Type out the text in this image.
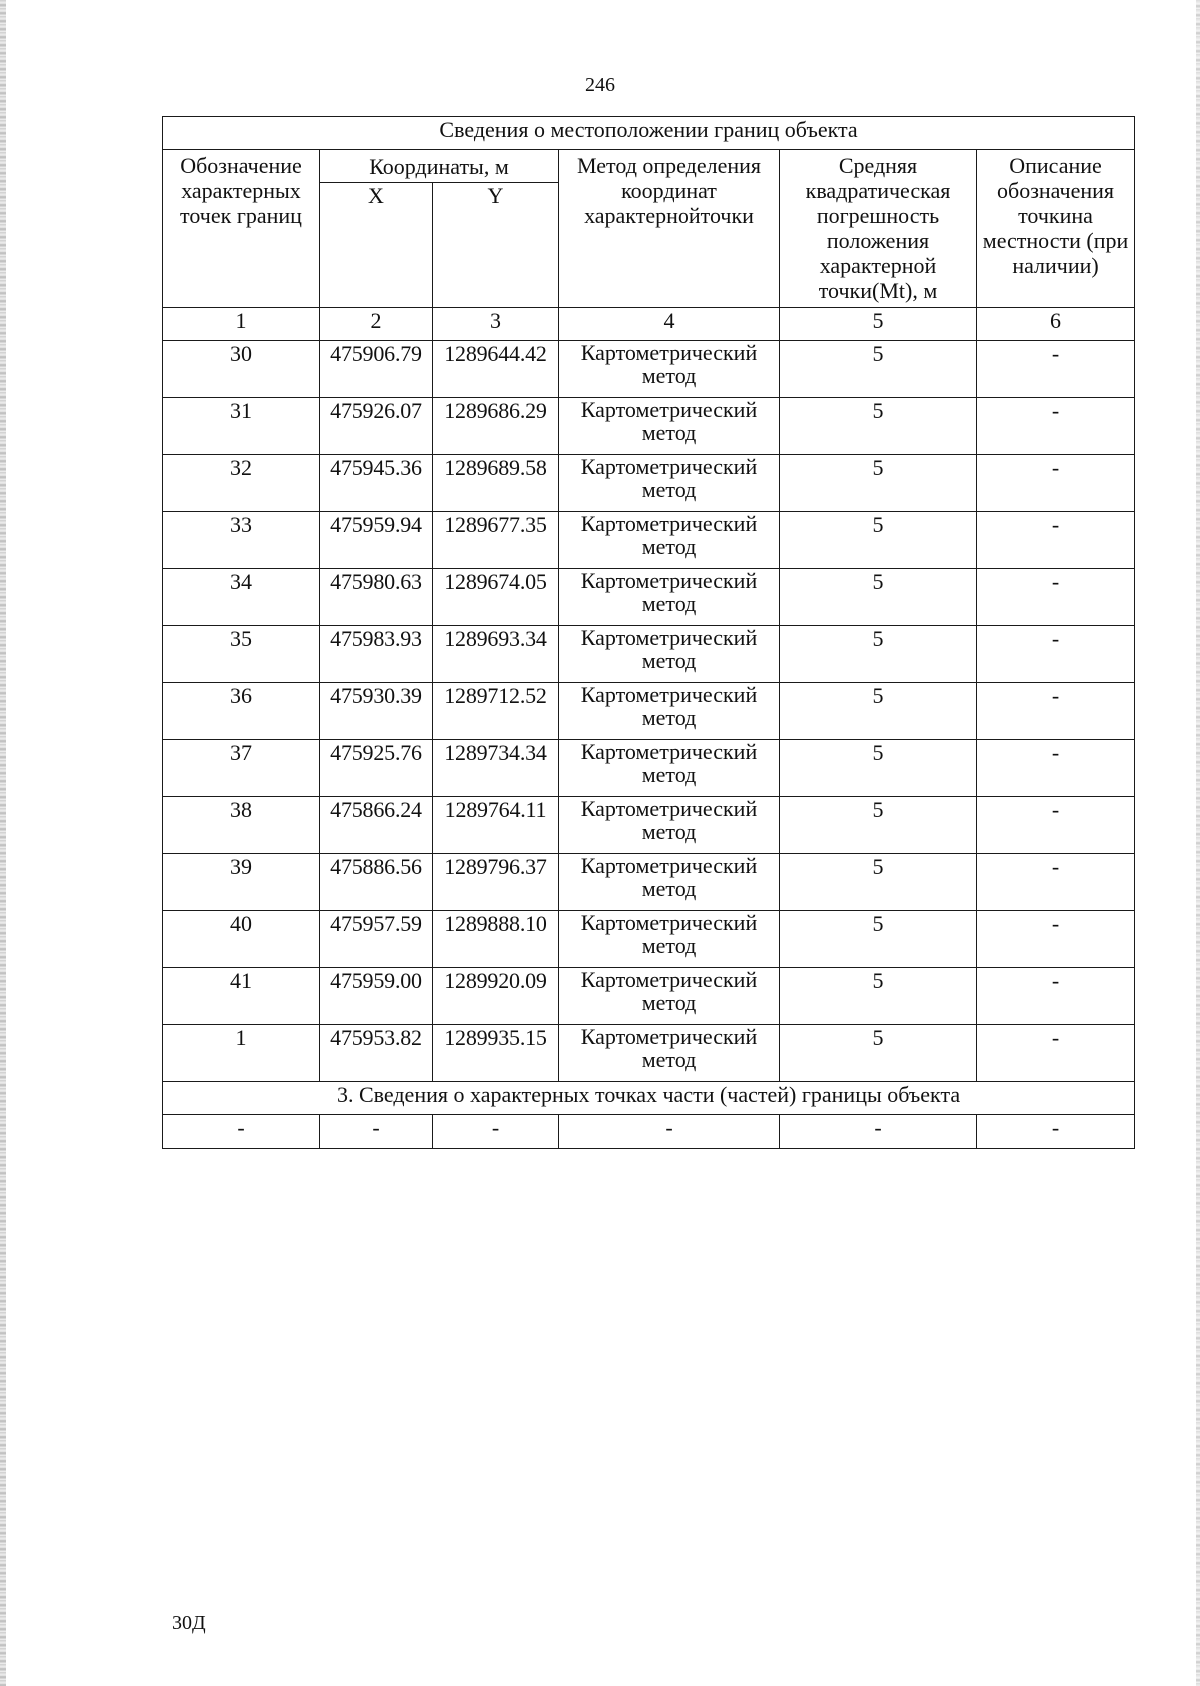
246
Сведения о местоположении границ объекта					
Обозначение характерных точек границ	Координаты, м		Метод определения координат характернойточки	Средняя квадратическая погрешность положения характерной точки(Mt), м	Описание обозначения точкина местности (при наличии)
	X	Y			
1	2	3	4	5	6
30	475906.79	1289644.42	Картометрический метод	5	-
31	475926.07	1289686.29	Картометрический метод	5	-
32	475945.36	1289689.58	Картометрический метод	5	-
33	475959.94	1289677.35	Картометрический метод	5	-
34	475980.63	1289674.05	Картометрический метод	5	-
35	475983.93	1289693.34	Картометрический метод	5	-
36	475930.39	1289712.52	Картометрический метод	5	-
37	475925.76	1289734.34	Картометрический метод	5	-
38	475866.24	1289764.11	Картометрический метод	5	-
39	475886.56	1289796.37	Картометрический метод	5	-
40	475957.59	1289888.10	Картометрический метод	5	-
41	475959.00	1289920.09	Картометрический метод	5	-
1	475953.82	1289935.15	Картометрический метод	5	-
3. Сведения о характерных точках части (частей) границы объекта					
-	-	-	-	-	-
30Д
